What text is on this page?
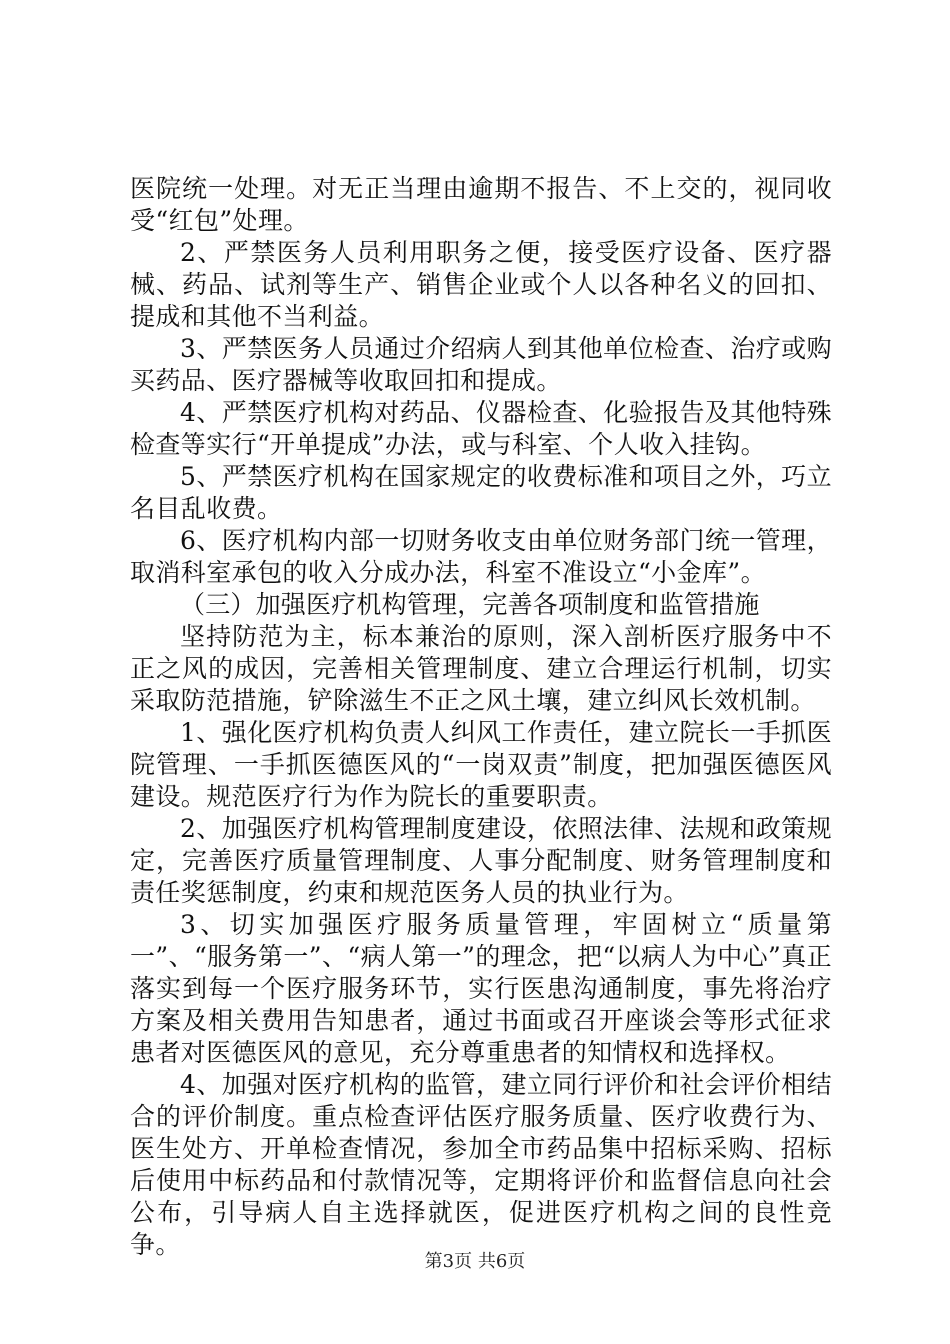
医院统一处理。对无正当理由逾期不报告、不上交的，视同收受“红包”处理。

2、严禁医务人员利用职务之便，接受医疗设备、医疗器械、药品、试剂等生产、销售企业或个人以各种名义的回扣、提成和其他不当利益。

3、严禁医务人员通过介绍病人到其他单位检查、治疗或购买药品、医疗器械等收取回扣和提成。

4、严禁医疗机构对药品、仪器检查、化验报告及其他特殊检查等实行“开单提成”办法，或与科室、个人收入挂钩。

5、严禁医疗机构在国家规定的收费标准和项目之外，巧立名目乱收费。

6、医疗机构内部一切财务收支由单位财务部门统一管理，取消科室承包的收入分成办法，科室不准设立“小金库”。

（三）加强医疗机构管理，完善各项制度和监管措施

坚持防范为主，标本兼治的原则，深入剖析医疗服务中不正之风的成因，完善相关管理制度、建立合理运行机制，切实采取防范措施，铲除滋生不正之风土壤，建立纠风长效机制。

1、强化医疗机构负责人纠风工作责任，建立院长一手抓医院管理、一手抓医德医风的“一岗双责”制度，把加强医德医风建设。规范医疗行为作为院长的重要职责。

2、加强医疗机构管理制度建设，依照法律、法规和政策规定，完善医疗质量管理制度、人事分配制度、财务管理制度和责任奖惩制度，约束和规范医务人员的执业行为。

3、切实加强医疗服务质量管理，牢固树立“质量第一”、“服务第一”、“病人第一”的理念，把“以病人为中心”真正落实到每一个医疗服务环节，实行医患沟通制度，事先将治疗方案及相关费用告知患者，通过书面或召开座谈会等形式征求患者对医德医风的意见，充分尊重患者的知情权和选择权。

4、加强对医疗机构的监管，建立同行评价和社会评价相结合的评价制度。重点检查评估医疗服务质量、医疗收费行为、医生处方、开单检查情况，参加全市药品集中招标采购、招标后使用中标药品和付款情况等，定期将评价和监督信息向社会公布，引导病人自主选择就医，促进医疗机构之间的良性竞争。

第3页 共6页
